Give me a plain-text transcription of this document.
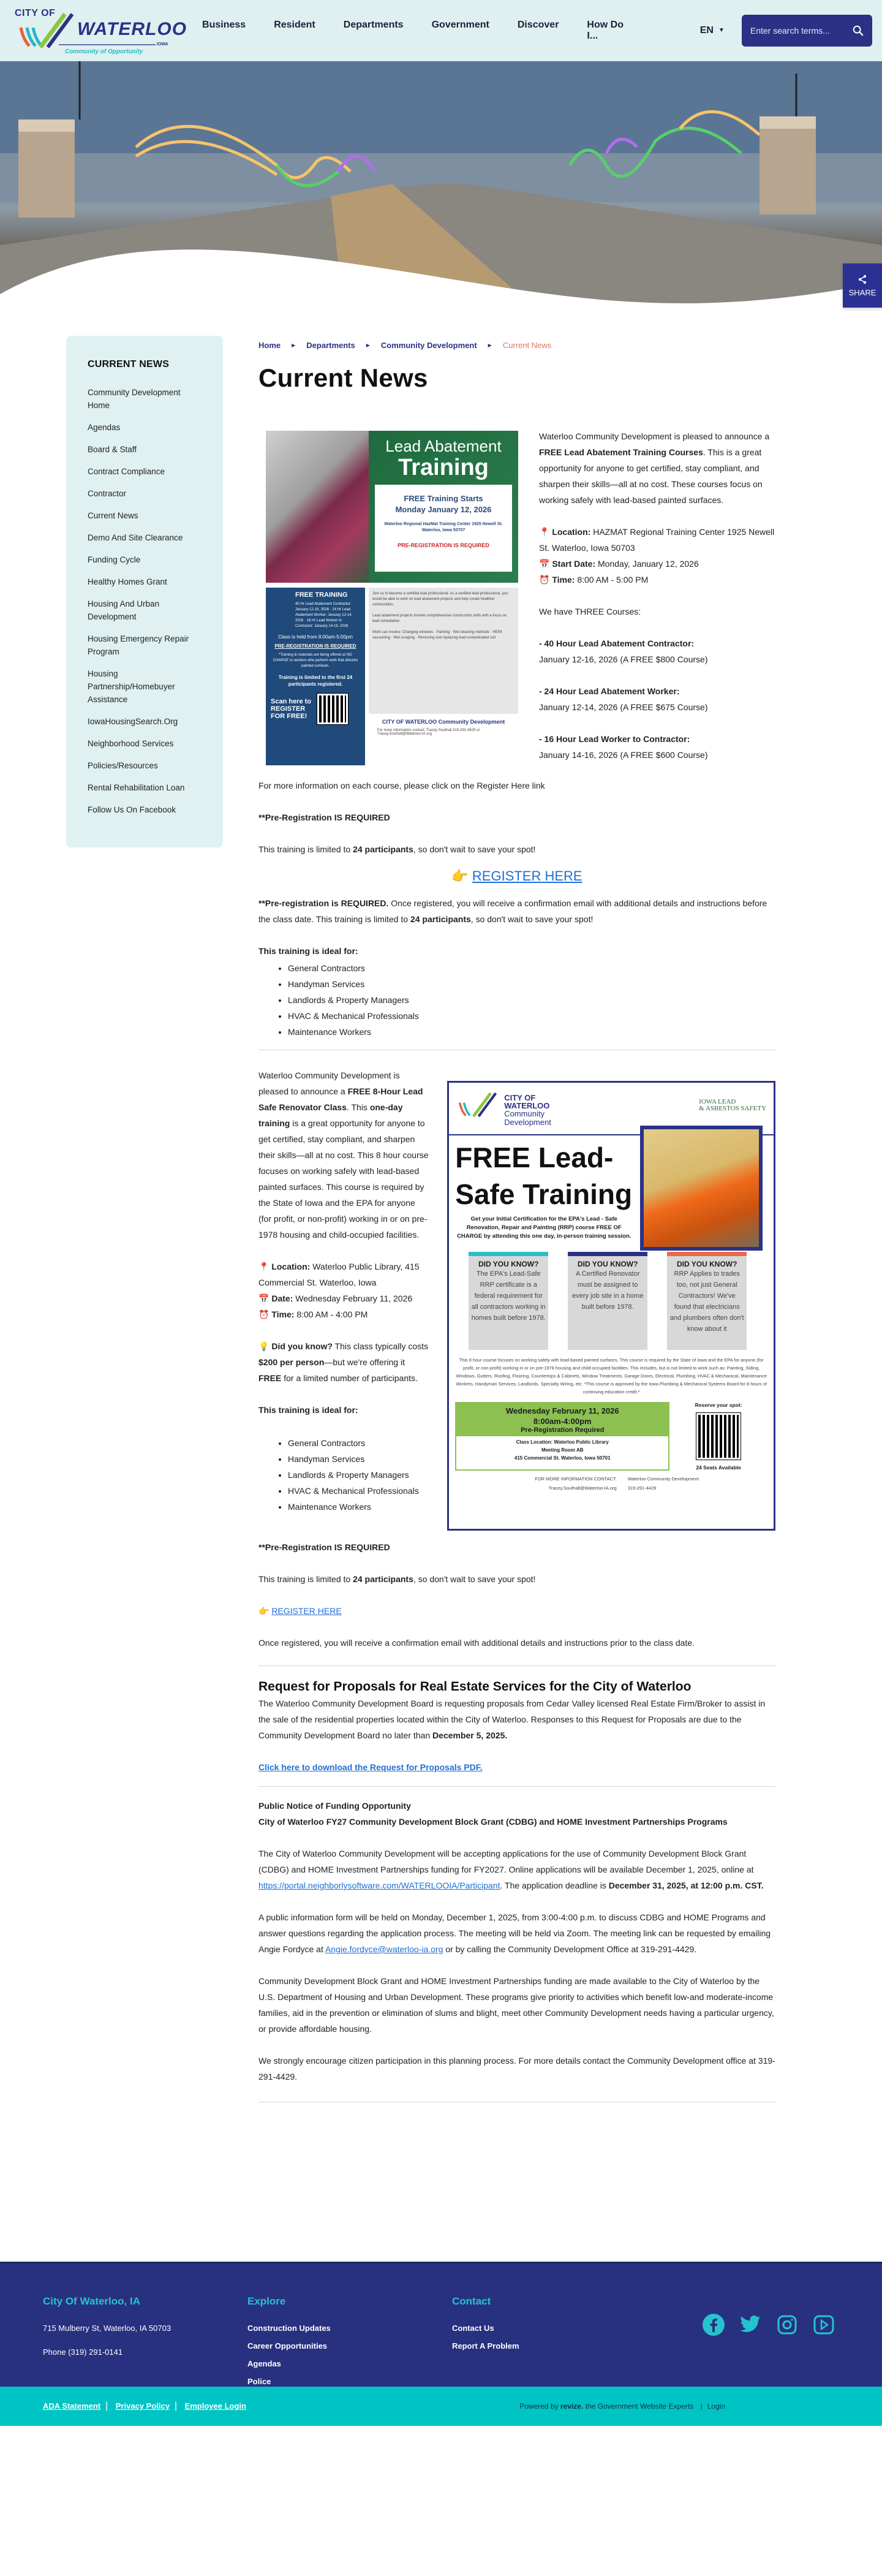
CITY OF
WATERLOO
IOWA
Community of Opportunity
Business	Resident	Departments	Government	Discover	How Do I...
EN ▼
Enter search terms...
SHARE
CURRENT NEWS
Community Development Home
Agendas
Board & Staff
Contract Compliance
Contractor
Current News
Demo And Site Clearance
Funding Cycle
Healthy Homes Grant
Housing And Urban Development
Housing Emergency Repair Program
Housing Partnership/Homebuyer Assistance
IowaHousingSearch.Org
Neighborhood Services
Policies/Resources
Rental Rehabilitation Loan
Follow Us On Facebook
Home ▶ Departments ▶ Community Development ▶ Current News
Current News
Lead Abatement
Training
FREE Training Starts
Monday January 12, 2026
Waterloo Regional HazMat Training Center 1925 Newell St. Waterloo, Iowa 50707
PRE-REGISTRATION IS REQUIRED
FREE TRAINING
40 Hr Lead Abatement Contractor: January 12-16, 2026 · 24 Hr Lead Abatement Worker: January 12-14, 2026 · 16 Hr Lead Worker to Contractor: January 14-16, 2026
Class is held from 8:00am-5:00pm
PRE-REGISTRATION IS REQUIRED
*Training & materials are being offered at NO CHARGE to workers who perform work that disturbs painted surfaces.
Training is limited to the first 24 participants registered.
Scan here to REGISTER FOR FREE!
Join us to become a certified lead professional. As a certified lead professional, you would be able to work on lead abatement projects and help create healthier communities.

Lead abatement projects involve comprehensive construction skills with a focus on lead remediation.

Work can involve: Changing windows · Painting · Wet cleaning methods · HEPA vacuuming · Wet scraping · Removing and replacing lead-contaminated soil
CITY OF WATERLOO Community Development
For more information contact: Tracey Southall 319-291-4429 or Tracey.Southall@Waterloo-IA.org

Waterloo Community Development is pleased to announce a FREE Lead Abatement Training Courses. This is a great opportunity for anyone to get certified, stay compliant, and sharpen their skills—all at no cost. These courses focus on working safely with lead-based painted surfaces.

📍 Location: HAZMAT Regional Training Center 1925 Newell St. Waterloo, Iowa 50703

📅 Start Date: Monday, January 12, 2026

⏰ Time: 8:00 AM - 5:00 PM

We have THREE Courses:

- 40 Hour Lead Abatement Contractor:

January 12-16, 2026 (A FREE $800 Course)

- 24 Hour Lead Abatement Worker:

January 12-14, 2026 (A FREE $675 Course)

- 16 Hour Lead Worker to Contractor:

January 14-16, 2026 (A FREE $600 Course)

For more information on each course, please click on the Register Here link

**Pre-Registration IS REQUIRED

This training is limited to 24 participants, so don't wait to save your spot!

👉 REGISTER HERE

**Pre-registration is REQUIRED. Once registered, you will receive a confirmation email with additional details and instructions before the class date. This training is limited to 24 participants, so don't wait to save your spot!

This training is ideal for:

• General Contractors
• Handyman Services
• Landlords & Property Managers
• HVAC & Mechanical Professionals
• Maintenance Workers

Waterloo Community Development is pleased to announce a FREE 8-Hour Lead Safe Renovator Class. This one-day training is a great opportunity for anyone to get certified, stay compliant, and sharpen their skills—all at no cost. This 8 hour course focuses on working safely with lead-based painted surfaces. This course is required by the State of Iowa and the EPA for anyone (for profit, or non-profit) working in or on pre-1978 housing and child-occupied facilities.

📍 Location: Waterloo Public Library, 415 Commercial St. Waterloo, Iowa

📅 Date: Wednesday February 11, 2026

⏰ Time: 8:00 AM - 4:00 PM

💡 Did you know? This class typically costs $200 per person—but we're offering it FREE for a limited number of participants.

This training is ideal for:

• General Contractors
• Handyman Services
• Landlords & Property Managers
• HVAC & Mechanical Professionals
• Maintenance Workers
CITY OF
WATERLOO
Community
Development
IOWA LEAD
& ASBESTOS SAFETY
FREE Lead-Safe Training
Get your Initial Certification for the EPA's Lead - Safe Renovation, Repair and Painting (RRP) course FREE OF CHARGE by attending this one day, in-person training session.
DID YOU KNOW?
The EPA's Lead-Safe RRP certificate is a federal requirement for all contractors working in homes built before 1978.
DID YOU KNOW?
A Certified Renovator must be assigned to every job site in a home built before 1978.
DID YOU KNOW?
RRP Applies to trades too, not just General Contractors! We've found that electricians and plumbers often don't know about it
This 8 hour course focuses on working safely with lead-based painted surfaces. This course is required by the State of Iowa and the EPA for anyone (for profit, or non-profit) working in or on pre-1978 housing and child-occupied facilities. This includes, but is not limited to work such as: Painting, Siding, Windows, Gutters, Roofing, Flooring, Countertops & Cabinets, Window Treatments, Garage Doors, Electrical, Plumbing, HVAC & Mechanical, Maintenance Workers, Handyman Services, Landlords, Specialty Wiring, etc. *This course is approved by the Iowa Plumbing & Mechanical Systems Board for 8 hours of continuing education credit.*
Wednesday February 11, 2026
8:00am-4:00pm
Pre-Registration Required
Class Location: Waterloo Public Library
Meeting Room AB
415 Commercial St. Waterloo, Iowa 50701
Reserve your spot:
24 Seats Available
FOR MORE INFORMATION CONTACT:
Tracey.Southall@Waterloo-IA.org
Waterloo Community Development
319-291-4429

**Pre-Registration IS REQUIRED

This training is limited to 24 participants, so don't wait to save your spot!

👉 REGISTER HERE

Once registered, you will receive a confirmation email with additional details and instructions prior to the class date.

Request for Proposals for Real Estate Services for the City of Waterloo

The Waterloo Community Development Board is requesting proposals from Cedar Valley licensed Real Estate Firm/Broker to assist in the sale of the residential properties located within the City of Waterloo. Responses to this Request for Proposals are due to the Community Development Board no later than December 5, 2025.

Click here to download the Request for Proposals PDF.

Public Notice of Funding Opportunity

City of Waterloo FY27 Community Development Block Grant (CDBG) and HOME Investment Partnerships Programs

The City of Waterloo Community Development will be accepting applications for the use of Community Development Block Grant (CDBG) and HOME Investment Partnerships funding for FY2027. Online applications will be available December 1, 2025, online at https://portal.neighborlysoftware.com/WATERLOOIA/Participant. The application deadline is December 31, 2025, at 12:00 p.m. CST.

A public information form will be held on Monday, December 1, 2025, from 3:00-4:00 p.m. to discuss CDBG and HOME Programs and answer questions regarding the application process. The meeting will be held via Zoom. The meeting link can be requested by emailing Angie Fordyce at Angie.fordyce@waterloo-ia.org or by calling the Community Development Office at 319-291-4429.

Community Development Block Grant and HOME Investment Partnerships funding are made available to the City of Waterloo by the U.S. Department of Housing and Urban Development. These programs give priority to activities which benefit low-and moderate-income families, aid in the prevention or elimination of slums and blight, meet other Community Development needs having a particular urgency, or provide affordable housing.

We strongly encourage citizen participation in this planning process. For more details contact the Community Development office at 319-291-4429.

City Of Waterloo, IA
715 Mulberry St, Waterloo, IA 50703
Phone (319) 291-0141
Explore
Construction Updates
Career Opportunities
Agendas
Police
Contact
Contact Us
Report A Problem
ADA Statement | Privacy Policy | Employee Login	Powered by revize. the Government Website Experts | Login
